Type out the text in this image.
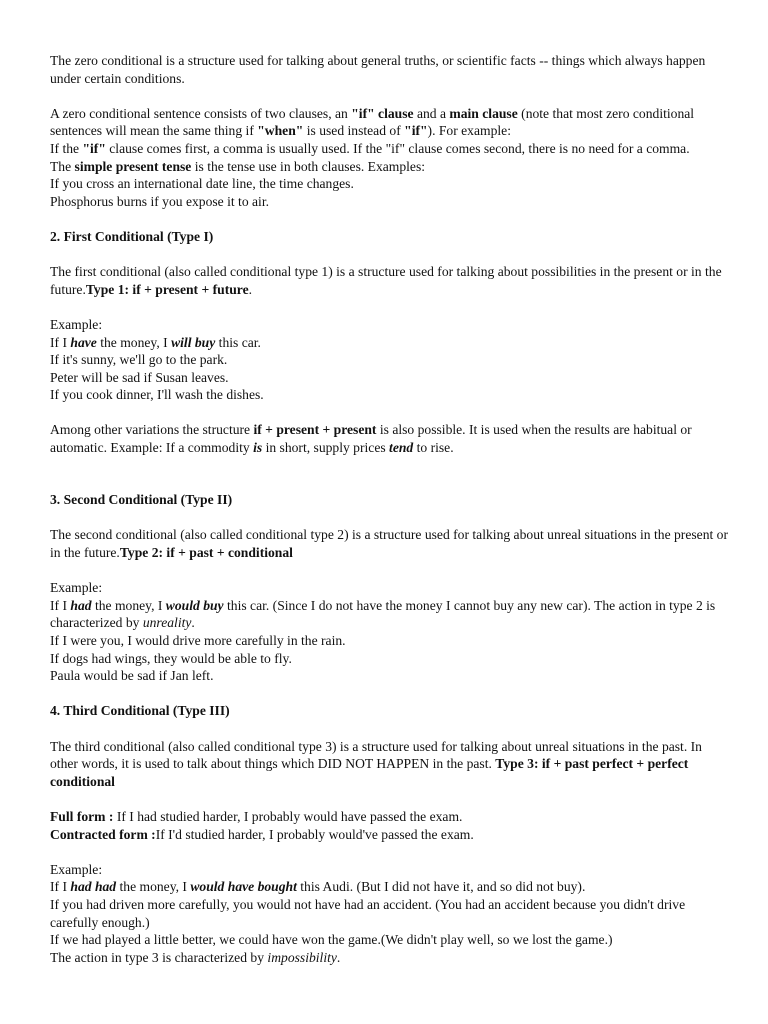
The zero conditional is a structure used for talking about general truths, or scientific facts -- things which always happen under certain conditions.

A zero conditional sentence consists of two clauses, an "if" clause and a main clause (note that most zero conditional sentences will mean the same thing if "when" is used instead of "if"). For example:
If the "if" clause comes first, a comma is usually used. If the "if" clause comes second, there is no need for a comma.
The simple present tense is the tense use in both clauses. Examples:
If you cross an international date line, the time changes.
Phosphorus burns if you expose it to air.
2. First Conditional (Type I)

The first conditional (also called conditional type 1) is a structure used for talking about possibilities in the present or in the future.Type 1: if + present + future.

Example:
If I have the money, I will buy this car.
If it's sunny, we'll go to the park.
Peter will be sad if Susan leaves.
If you cook dinner, I'll wash the dishes.

Among other variations the structure if + present + present is also possible. It is used when the results are habitual or automatic. Example: If a commodity is in short, supply prices tend to rise.

3. Second Conditional (Type II)

The second conditional (also called conditional type 2) is a structure used for talking about unreal situations in the present or in the future.Type 2: if + past + conditional

Example:
If I had the money, I would buy this car. (Since I do not have the money I cannot buy any new car). The action in type 2 is characterized by unreality.
If I were you, I would drive more carefully in the rain.
If dogs had wings, they would be able to fly.
Paula would be sad if Jan left.
4. Third Conditional (Type III)

The third conditional (also called conditional type 3) is a structure used for talking about unreal situations in the past. In other words, it is used to talk about things which DID NOT HAPPEN in the past. Type 3: if + past perfect + perfect conditional

Full form : If I had studied harder, I probably would have passed the exam.
Contracted form :If I'd studied harder, I probably would've passed the exam.
Example:
If I had had the money, I would have bought this Audi. (But I did not have it, and so did not buy).
If you had driven more carefully, you would not have had an accident. (You had an accident because you didn't drive carefully enough.)
If we had played a little better, we could have won the game.(We didn't play well, so we lost the game.)
The action in type 3 is characterized by impossibility.
